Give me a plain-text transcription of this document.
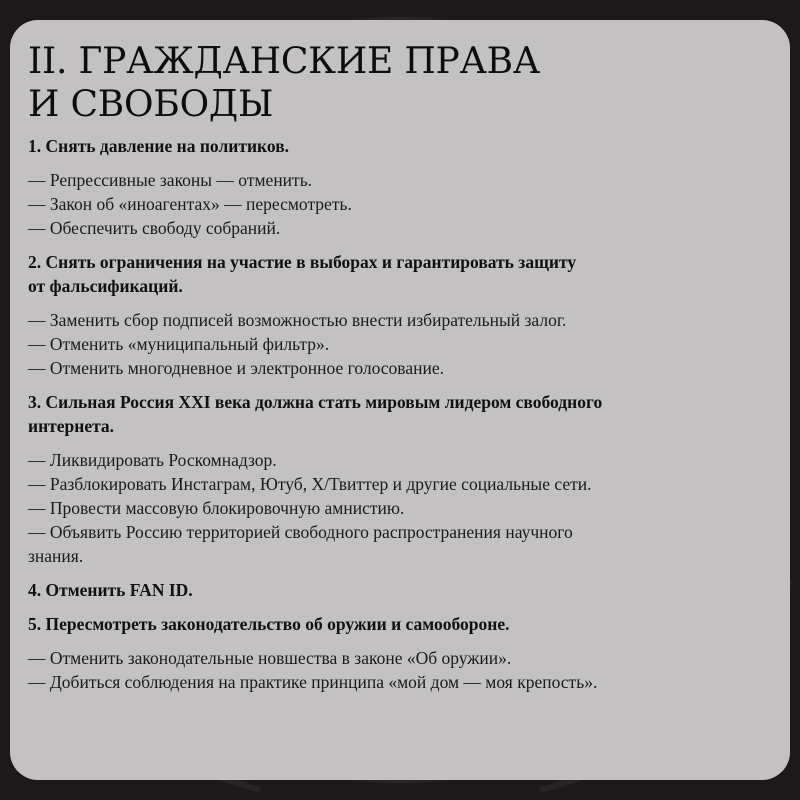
II. ГРАЖДАНСКИЕ ПРАВА
И СВОБОДЫ
1. Снять давление на политиков.
— Репрессивные законы — отменить.
— Закон об «иноагентах» — пересмотреть.
— Обеспечить свободу собраний.
2. Снять ограничения на участие в выборах и гарантировать защиту
от фальсификаций.
— Заменить сбор подписей возможностью внести избирательный залог.
— Отменить «муниципальный фильтр».
— Отменить многодневное и электронное голосование.
3. Сильная Россия XXI века должна стать мировым лидером свободного
интернета.
— Ликвидировать Роскомнадзор.
— Разблокировать Инстаграм, Ютуб, X/Твиттер и другие социальные сети.
— Провести массовую блокировочную амнистию.
— Объявить Россию территорией свободного распространения научного
знания.
4. Отменить FAN ID.
5. Пересмотреть законодательство об оружии и самообороне.
— Отменить законодательные новшества в законе «Об оружии».
— Добиться соблюдения на практике принципа «мой дом — моя крепость».
